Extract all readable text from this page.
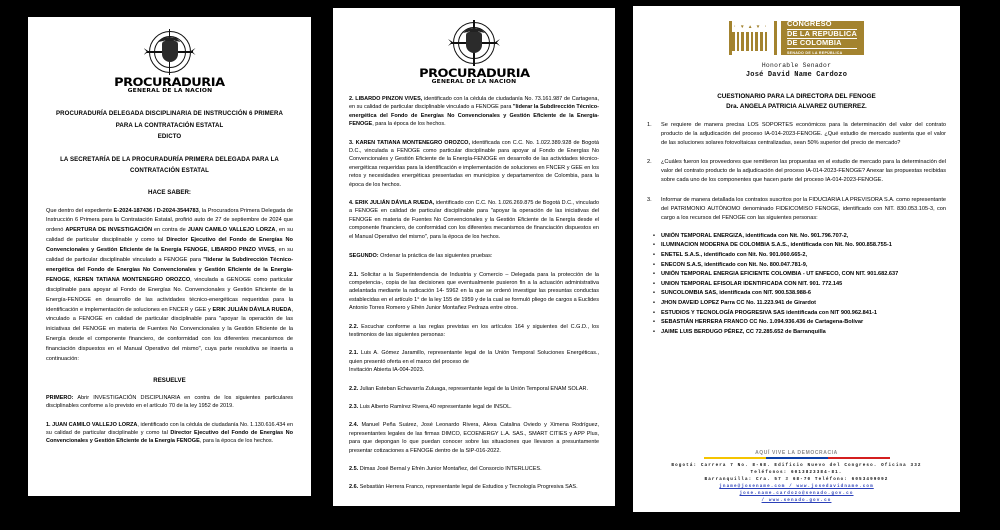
PROCURADURIA
GENERAL DE LA NACION
PROCURADURÍA DELEGADA DISCIPLINARIA DE INSTRUCCIÓN 6 PRIMERA
PARA LA CONTRATACIÓN ESTATAL
EDICTO
LA SECRETARÍA DE LA PROCURADURÍA PRIMERA DELEGADA PARA LA
CONTRATACIÓN ESTATAL
HACE SABER:
Que dentro del expediente E-2024-187436 / D-2024-3544783, la Procuradora Primera Delegada de Instrucción 6 Primera para la Contratación Estatal, profirió auto de 27 de septiembre de 2024 que ordenó APERTURA DE INVESTIGACIÓN en contra de JUAN CAMILO VALLEJO LORZA, en su calidad de particular disciplinable y como tal Director Ejecutivo del Fondo de Energías No Convencionales y Gestión Eficiente de la Energía FENOGE, LIBARDO PINZO VIVES, en su calidad de particular disciplinable vinculado a FENOGE para "liderar la Subdirección Técnico-energética del Fondo de Energías No Convencionales y Gestión Eficiente de la Energía-FENOGE, KEREN TATIANA MONTENEGRO OROZCO, vinculada a GENOGE como particular disciplinable para apoyar al Fondo de Energías No. Convencionales y Gestión Eficiente de la Energía-FENOGE en desarrollo de las actividades técnico-energéticas requeridas para la identificación e implementación de soluciones en FNCER y GEE y ERIK JULIÁN DÁVILA RUEDA, vinculado a FENOGE en calidad de particular disciplinable para "apoyar la operación de las iniciativas del FENOGE en materia de Fuentes No Convencionales y la Gestión Eficiente de la Energía desde el componente financiero, de conformidad con los diferentes mecanismos de financiación dispuestos en el Manual Operativo del mismo", cuya parte resolutiva se inserta a continuación:
RESUELVE
PRIMERO: Abrir INVESTIGACIÓN DISCIPLINARIA en contra de los siguientes particulares disciplinables conforme a lo previsto en el artículo 70 de la ley 1952 de 2019.
1. JUAN CAMILO VALLEJO LORZA, identificado con la cédula de ciudadanía No. 1.130.616.434 en su calidad de particular disciplinable y como tal Director Ejecutivo del Fondo de Energías No Convencionales y Gestión Eficiente de la Energía FENOGE, para la época de los hechos.
PROCURADURIA
GENERAL DE LA NACION
2. LIBARDO PINZON VIVES, identificado con la cédula de ciudadanía No. 73.161.987 de Cartagena, en su calidad de particular disciplinable vinculado a FENOGE para "liderar la Subdirección Técnico-energética del Fondo de Energías No Convencionales y Gestión Eficiente de la Energía- FENOGE, para la época de los hechos.
3. KAREN TATIANA MONTENEGRO OROZCO, identificada con C.C. No. 1.022.389.928 de Bogotá D.C., vinculada a FENOGE como particular disciplinable para apoyar al Fondo de Energías No Convencionales y Gestión Eficiente de la Energía-FENOGE en desarrollo de las actividades técnico-energéticas requeridas para la identificación e implementación de soluciones en FNCER y GEE en los retos y necesidades energéticas presentadas en municipios y departamentos de Colombia, para la época de los hechos.
4. ERIK JULIÁN DÁVILA RUEDA, identificado con C.C. No. 1.026.269.875 de Bogotá D.C., vinculado a FENOGE en calidad de particular disciplinable para "apoyar la operación de las iniciativas del FENOGE en materia de Fuentes No Convencionales y la Gestión Eficiente de la Energía desde el componente financiero, de conformidad con los diferentes mecanismos de financiación dispuestos en el Manual Operativo del mismo", para la época de los hechos.
SEGUNDO: Ordenar la práctica de las siguientes pruebas:
2.1. Solicitar a la Superintendencia de Industria y Comercio – Delegada para la protección de la competencia-, copia de las decisiones que eventualmente pusieron fin a la actuación administrativa adelantada mediante la radicación 14- 5962 en la que se ordenó investigar las presuntas conductas establecidas en el artículo 1° de la ley 155 de 1959 y de la cual se formuló pliego de cargos a Euclides Antonio Torres Romero y Efrén Junior Montañez Pedraza entre otros.
2.2. Escuchar conforme a las reglas previstas en los artículos 164 y siguientes del C.G.D., los testimonios de las siguientes personas:
2.1. Luis A. Gómez Jaramillo, representante legal de la Unión Temporal Soluciones Energéticas., quien presentó oferta en el marco del proceso de
Invitación Abierta IA-004-2023.
2.2. Julian Esteban Echavarría Zuluaga, representante legal de la Unión Temporal ENAM SOLAR.
2.3. Luis Alberto Ramírez Rivera,40 representante legal de INSOL.
2.4. Manuel Peña Suárez, José Leonardo Rivera, Alexa Catalina Oviedo y Ximena Rodríguez, representantes legales de las firmas DIMCO, ECOENERGY L.A. SAS., SMART CITIES y APP Plus, para que depongan lo que puedan conocer sobre las situaciones que llevaron a presuntamente presentar cotizaciones a FENOGE dentro de la SIP-016-2022.
2.5. Dimas José Bernal y Efrén Junior Montañez, del Consorcio INTERLUCES.
2.6. Sebastián Herrera Franco, representante legal de Estudios y Tecnología Progresiva SAS.
· ▾ ▴ ▾ ·	CONGRESO
DE LA REPÚBLICA
DE COLOMBIA
SENADO DE LA REPÚBLICA
Honorable Senador
José David Name Cardozo
CUESTIONARIO PARA LA DIRECTORA DEL FENOGE
Dra. ANGELA PATRICIA ALVAREZ GUTIERREZ.
1.	Se requiere de manera precisa LOS SOPORTES económicos para la determinación del valor del contrato producto de la adjudicación del proceso IA-014-2023-FENOGE. ¿Qué estudio de mercado sustenta que el valor de las soluciones solares fotovoltaicas centralizadas, sean 50% superior del precio de mercado?
2.	¿Cuáles fueron los proveedores que remitieron las propuestas en el estudio de mercado para la determinación del valor del contrato producto de la adjudicación del proceso IA-014-2023-FENOGE? Anexar las propuestas recibidas sobre cada uno de los componentes que hacen parte del proceso IA-014-2023-FENOGE.
3.	Informar de manera detallada los contratos suscritos por la FIDUCIARIA LA PREVISORA S.A. como representante del PATRIMONIO AUTÓNOMO denominado FIDEICOMISO FENOGE, identificado con NIT. 830.053.105-3, con cargo a los recursos del FENOGE con las siguientes personas:
•	UNIÓN TEMPORAL ENERGIZA, identificada con Nit. No. 901.796.707-2,
•	ILUMINACION MODERNA DE COLOMBIA S.A.S., identificada con Nit. No. 900.858.755-1
•	ENETEL S.A.S., identificado con Nit. No. 901.060.665-2,
•	ENECON S.A.S, identificado con Nit. No. 800.047.781-9,
•	UNIÓN TEMPORAL ENERGIA EFICIENTE COLOMBIA - UT ENFECO, CON NIT. 901.682.637
•	UNION TEMPORAL EFISOLAR IDENTIFICADA CON NIT. 901. 772.145
•	SUNCOLOMBIA SAS, identificada con NIT. 900.538.988-6
•	JHON DAVEID LOPEZ Parra CC No. 11.223.941 de Girardot
•	ESTUDIOS Y TECNOLOGÍA PROGRESIVA SAS identificada con NIT 900.962.841-1
•	SEBASTIÁN HERRERA FRANCO CC No. 1.094.936.436 de Cartagena-Bolívar
•	JAIME LUIS BERDUGO PÉREZ, CC 72.285.652 de Barranquilla
AQUÍ VIVE LA DEMOCRACIA
Bogotá: Carrera 7 No. 8-68. Edificio Nuevo del Congreso. Oficina 332
Teléfonos: 6013823384-81.
Barranquilla: Cra. 57 # 68-70 Teléfono: 6053499092
jname@josename.com / www.josedavidname.com
jose.name.cardozo@senado.gov.co
/ www.senado.gov.co
